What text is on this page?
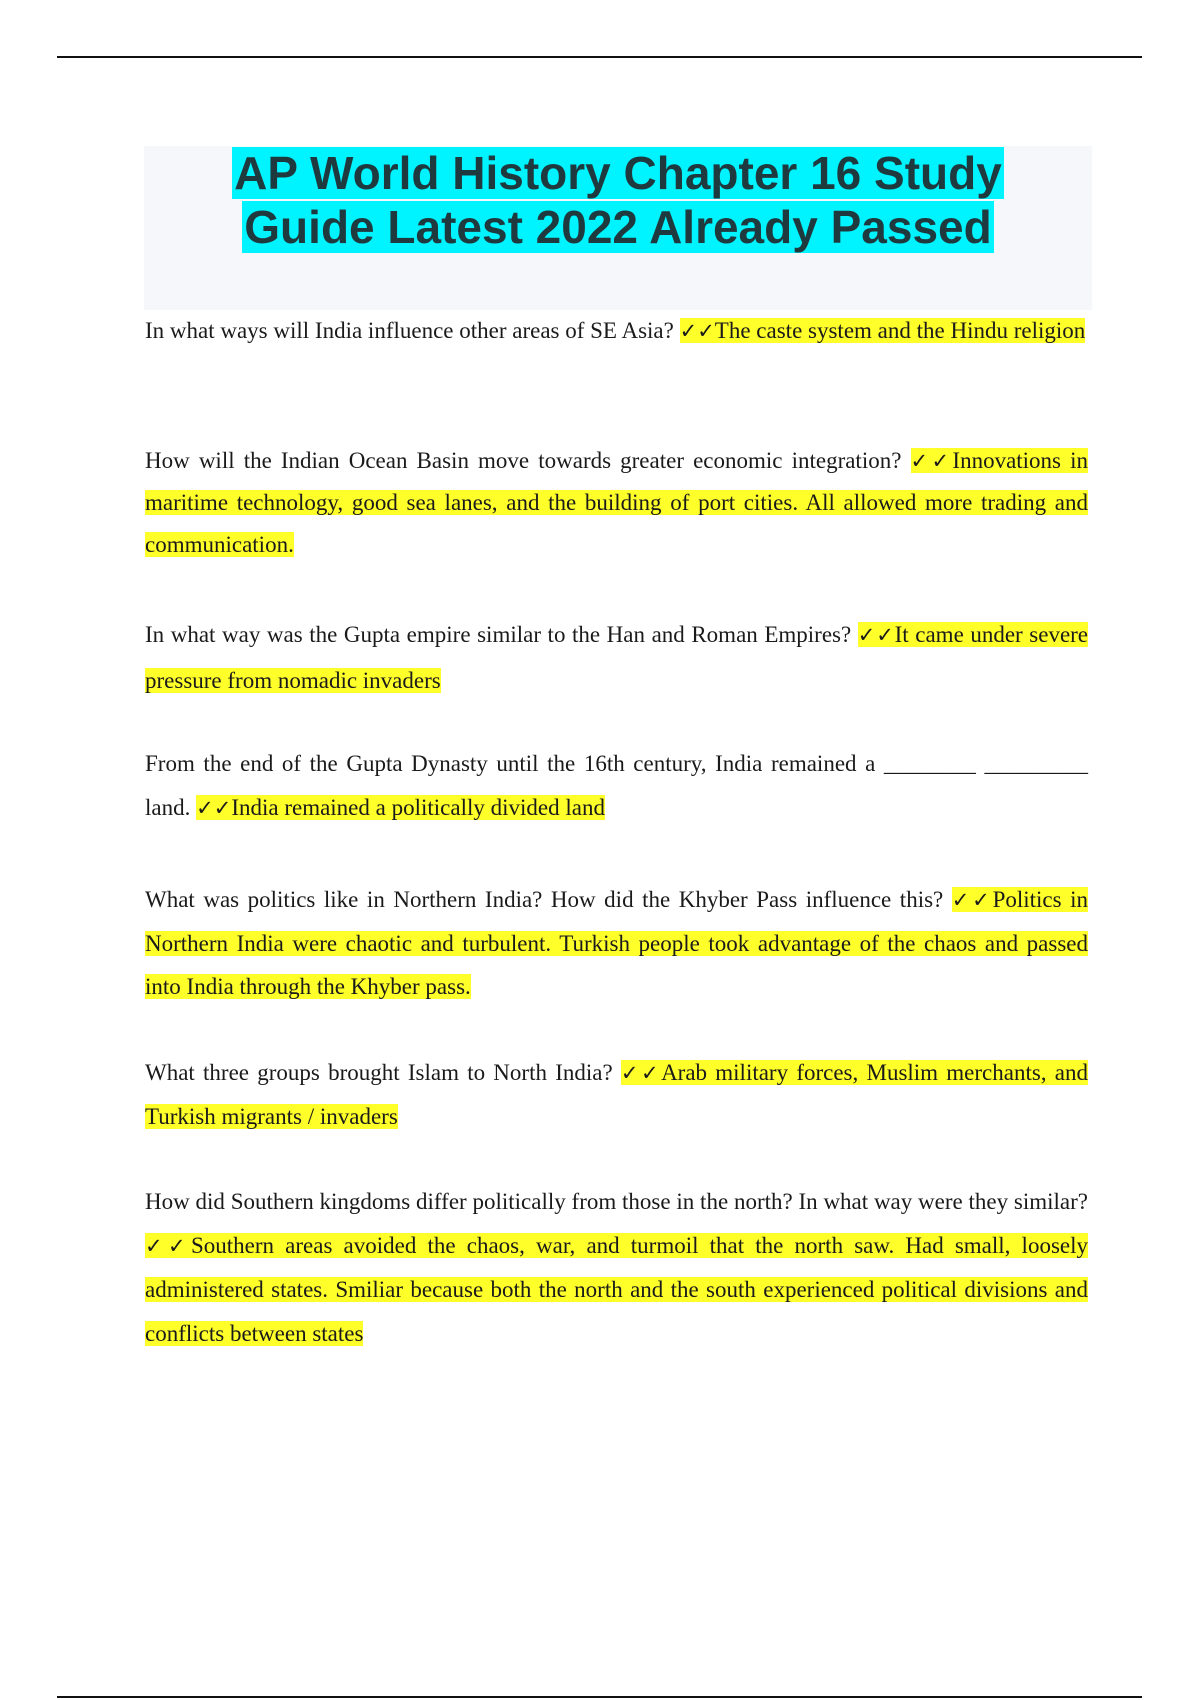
AP World History Chapter 16 Study
Guide Latest 2022 Already Passed

In what ways will India influence other areas of SE Asia? ✓✓The caste system and the Hindu religion

How will the Indian Ocean Basin move towards greater economic integration? ✓✓Innovations in maritime technology, good sea lanes, and the building of port cities. All allowed more trading and communication.

In what way was the Gupta empire similar to the Han and Roman Empires? ✓✓It came under severe pressure from nomadic invaders

From the end of the Gupta Dynasty until the 16th century, India remained a ________ _________ land. ✓✓India remained a politically divided land

What was politics like in Northern India? How did the Khyber Pass influence this? ✓✓Politics in Northern India were chaotic and turbulent. Turkish people took advantage of the chaos and passed into India through the Khyber pass.

What three groups brought Islam to North India? ✓✓Arab military forces, Muslim merchants, and Turkish migrants / invaders

How did Southern kingdoms differ politically from those in the north? In what way were they similar? ✓✓Southern areas avoided the chaos, war, and turmoil that the north saw. Had small, loosely administered states. Smiliar because both the north and the south experienced political divisions and conflicts between states
